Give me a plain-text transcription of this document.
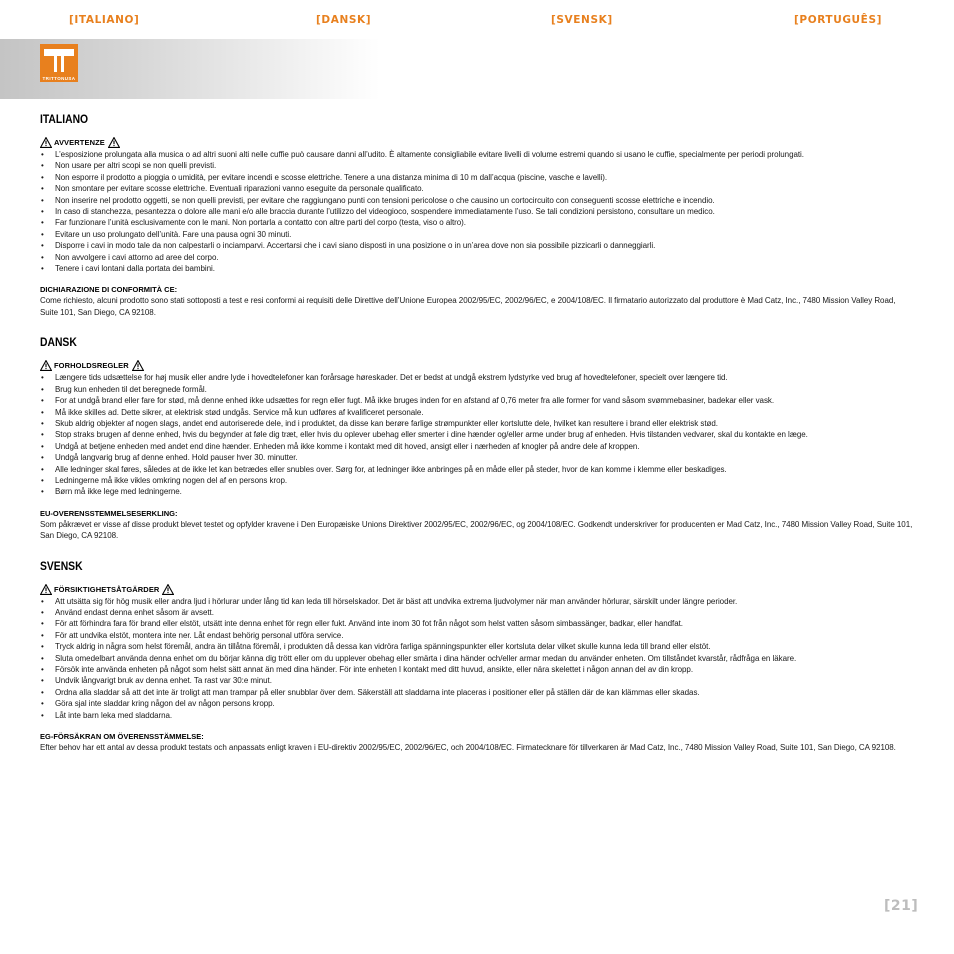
[ITALIANO]	[DANSK]	[SVENSK]	[PORTUGUÊS]
TRITTONUSA
ITALIANO
AVVERTENZE
• L’esposizione prolungata alla musica o ad altri suoni alti nelle cuffie può causare danni all’udito. È altamente consigliabile evitare livelli di volume estremi quando si usano le cuffie, specialmente per periodi prolungati.
• Non usare per altri scopi se non quelli previsti.
• Non esporre il prodotto a pioggia o umidità, per evitare incendi e scosse elettriche. Tenere a una distanza minima di 10 m dall’acqua (piscine, vasche e lavelli).
• Non smontare per evitare scosse elettriche. Eventuali riparazioni vanno eseguite da personale qualificato.
• Non inserire nel prodotto oggetti, se non quelli previsti, per evitare che raggiungano punti con tensioni pericolose o che causino un cortocircuito con conseguenti scosse elettriche e incendio.
• In caso di stanchezza, pesantezza o dolore alle mani e/o alle braccia durante l’utilizzo del videogioco, sospendere immediatamente l’uso. Se tali condizioni persistono, consultare un medico.
• Far funzionare l’unità esclusivamente con le mani. Non portarla a contatto con altre parti del corpo (testa, viso o altro).
• Evitare un uso prolungato dell’unità. Fare una pausa ogni 30 minuti.
• Disporre i cavi in modo tale da non calpestarli o inciamparvi. Accertarsi che i cavi siano disposti in una posizione o in un’area dove non sia possibile pizzicarli o danneggiarli.
• Non avvolgere i cavi attorno ad aree del corpo.
• Tenere i cavi lontani dalla portata dei bambini.
DICHIARAZIONE DI CONFORMITÀ CE:

Come richiesto, alcuni prodotto sono stati sottoposti a test e resi conformi ai requisiti delle Direttive dell’Unione Europea 2002/95/EC, 2002/96/EC, e 2004/108/EC. Il firmatario autorizzato dal produttore è Mad Catz, Inc., 7480 Mission Valley Road, Suite 101, San Diego, CA 92108.

DANSK
FORHOLDSREGLER
• Længere tids udsættelse for høj musik eller andre lyde i hovedtelefoner kan forårsage høreskader. Det er bedst at undgå ekstrem lydstyrke ved brug af hovedtelefoner, specielt over længere tid.
• Brug kun enheden til det beregnede formål.
• For at undgå brand eller fare for stød, må denne enhed ikke udsættes for regn eller fugt. Må ikke bruges inden for en afstand af 0,76 meter fra alle former for vand såsom svømmebasiner, badekar eller vask.
• Må ikke skilles ad. Dette sikrer, at elektrisk stød undgås. Service må kun udføres af kvalificeret personale.
• Skub aldrig objekter af nogen slags, andet end autoriserede dele, ind i produktet, da disse kan berøre farlige strømpunkter eller kortslutte dele, hvilket kan resultere i brand eller elektrisk stød.
• Stop straks brugen af denne enhed, hvis du begynder at føle dig træt, eller hvis du oplever ubehag eller smerter i dine hænder og/eller arme under brug af enheden. Hvis tilstanden vedvarer, skal du kontakte en læge.
• Undgå at betjene enheden med andet end dine hænder. Enheden må ikke komme i kontakt med dit hoved, ansigt eller i nærheden af knogler på andre dele af kroppen.
• Undgå langvarig brug af denne enhed. Hold pauser hver 30. minutter.
• Alle ledninger skal føres, således at de ikke let kan betrædes eller snubles over. Sørg for, at ledninger ikke anbringes på en måde eller på steder, hvor de kan komme i klemme eller beskadiges.
• Ledningerne må ikke vikles omkring nogen del af en persons krop.
• Børn må ikke lege med ledningerne.
EU-OVERENSSTEMMELSESERKLING:

Som påkrævet er visse af disse produkt blevet testet og opfylder kravene i Den Europæiske Unions Direktiver 2002/95/EC, 2002/96/EC, og 2004/108/EC. Godkendt underskriver for producenten er Mad Catz, Inc., 7480 Mission Valley Road, Suite 101, San Diego, CA 92108.

SVENSK
FÖRSIKTIGHETSÅTGÄRDER
• Att utsätta sig för hög musik eller andra ljud i hörlurar under lång tid kan leda till hörselskador. Det är bäst att undvika extrema ljudvolymer när man använder hörlurar, särskilt under längre perioder.
• Använd endast denna enhet såsom är avsett.
• För att förhindra fara för brand eller elstöt, utsätt inte denna enhet för regn eller fukt. Använd inte inom 30 fot från något som helst vatten såsom simbassänger, badkar, eller handfat.
• För att undvika elstöt, montera inte ner. Låt endast behörig personal utföra service.
• Tryck aldrig in några som helst föremål, andra än tillåtna föremål, i produkten då dessa kan vidröra farliga spänningspunkter eller kortsluta delar vilket skulle kunna leda till brand eller elstöt.
• Sluta omedelbart använda denna enhet om du börjar känna dig trött eller om du upplever obehag eller smärta i dina händer och/eller armar medan du använder enheten. Om tillståndet kvarstår, rådfråga en läkare.
• Försök inte använda enheten på något som helst sätt annat än med dina händer. För inte enheten I kontakt med ditt huvud, ansikte, eller nära skelettet i någon annan del av din kropp.
• Undvik långvarigt bruk av denna enhet. Ta rast var 30:e minut.
• Ordna alla sladdar så att det inte är troligt att man trampar på eller snubblar över dem. Säkerställ att sladdarna inte placeras i positioner eller på ställen där de kan klämmas eller skadas.
• Göra sjal inte sladdar kring någon del av någon persons kropp.
• Låt inte barn leka med sladdarna.
EG-FÖRSÄKRAN OM ÖVERENSSTÄMMELSE:

Efter behov har ett antal av dessa produkt testats och anpassats enligt kraven i EU-direktiv 2002/95/EC, 2002/96/EC, och 2004/108/EC. Firmatecknare för tillverkaren är Mad Catz, Inc., 7480 Mission Valley Road, Suite 101, San Diego, CA 92108.

[21]
